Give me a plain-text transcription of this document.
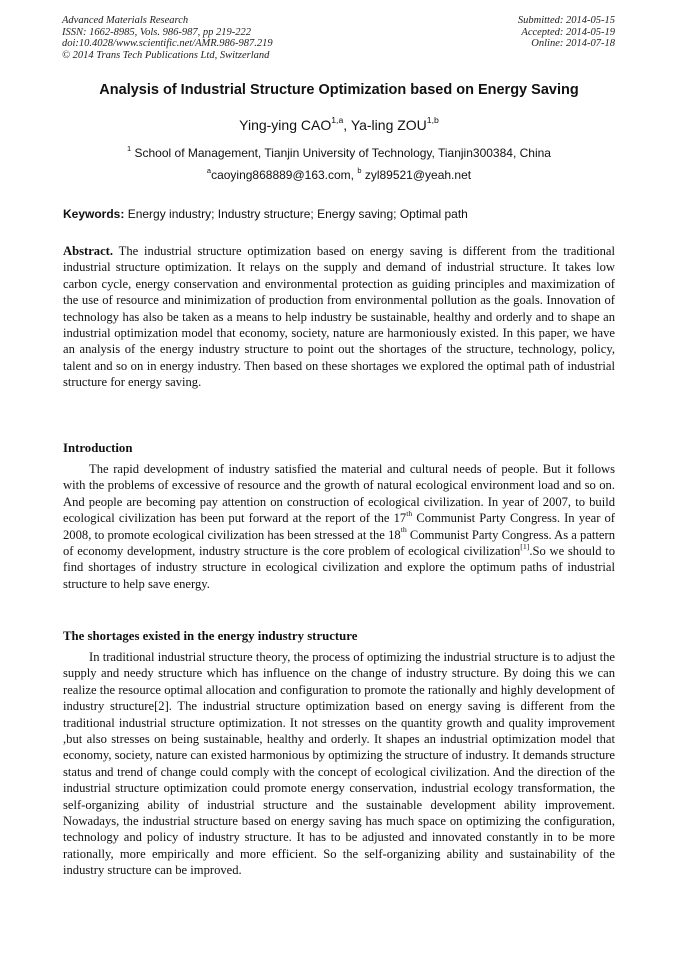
Advanced Materials Research
ISSN: 1662-8985, Vols. 986-987, pp 219-222
doi:10.4028/www.scientific.net/AMR.986-987.219
© 2014 Trans Tech Publications Ltd, Switzerland
Submitted: 2014-05-15
Accepted: 2014-05-19
Online: 2014-07-18
Analysis of Industrial Structure Optimization based on Energy Saving
Ying-ying CAO$^{1,a}$, Ya-ling ZOU$^{1,b}$
$^1$ School of Management, Tianjin University of Technology, Tianjin300384, China
$^a$caoying868889@163.com, $^b$ zyl89521@yeah.net
Keywords: Energy industry; Industry structure; Energy saving; Optimal path
Abstract. The industrial structure optimization based on energy saving is different from the traditional industrial structure optimization. It relays on the supply and demand of industrial structure. It takes low carbon cycle, energy conservation and environmental protection as guiding principles and maximization of the use of resource and minimization of production from environmental pollution as the goals. Innovation of technology has also be taken as a means to help industry be sustainable, healthy and orderly and to shape an industrial optimization model that economy, society, nature are harmoniously existed. In this paper, we have an analysis of the energy industry structure to point out the shortages of the structure, technology, policy, talent and so on in energy industry. Then based on these shortages we explored the optimal path of industrial structure for energy saving.
Introduction

The rapid development of industry satisfied the material and cultural needs of people. But it follows with the problems of excessive of resource and the growth of natural ecological environment load and so on. And people are becoming pay attention on construction of ecological civilization. In year of 2007, to build ecological civilization has been put forward at the report of the 17th Communist Party Congress. In year of 2008, to promote ecological civilization has been stressed at the 18th Communist Party Congress. As a pattern of economy development, industry structure is the core problem of ecological civilization[1].So we should to find shortages of industry structure in ecological civilization and explore the optimum paths of industrial structure to help save energy.

The shortages existed in the energy industry structure

In traditional industrial structure theory, the process of optimizing the industrial structure is to adjust the supply and needy structure which has influence on the change of industry structure. By doing this we can realize the resource optimal allocation and configuration to promote the rationally and highly development of industry structure[2]. The industrial structure optimization based on energy saving is different from the traditional industrial structure optimization. It not stresses on the quantity growth and quality improvement ,but also stresses on being sustainable, healthy and orderly. It shapes an industrial optimization model that economy, society, nature can existed harmonious by optimizing the structure of industry. It demands structure status and trend of change could comply with the concept of ecological civilization. And the direction of the industrial structure optimization could promote energy conservation, industrial ecology transformation, the self-organizing ability of industrial structure and the sustainable development ability improvement. Nowadays, the industrial structure based on energy saving has much space on optimizing the configuration, technology and policy of industry structure. It has to be adjusted and innovated constantly in to be more rationally, more empirically and more efficient. So the self-organizing ability and sustainability of the industry structure can be improved.
